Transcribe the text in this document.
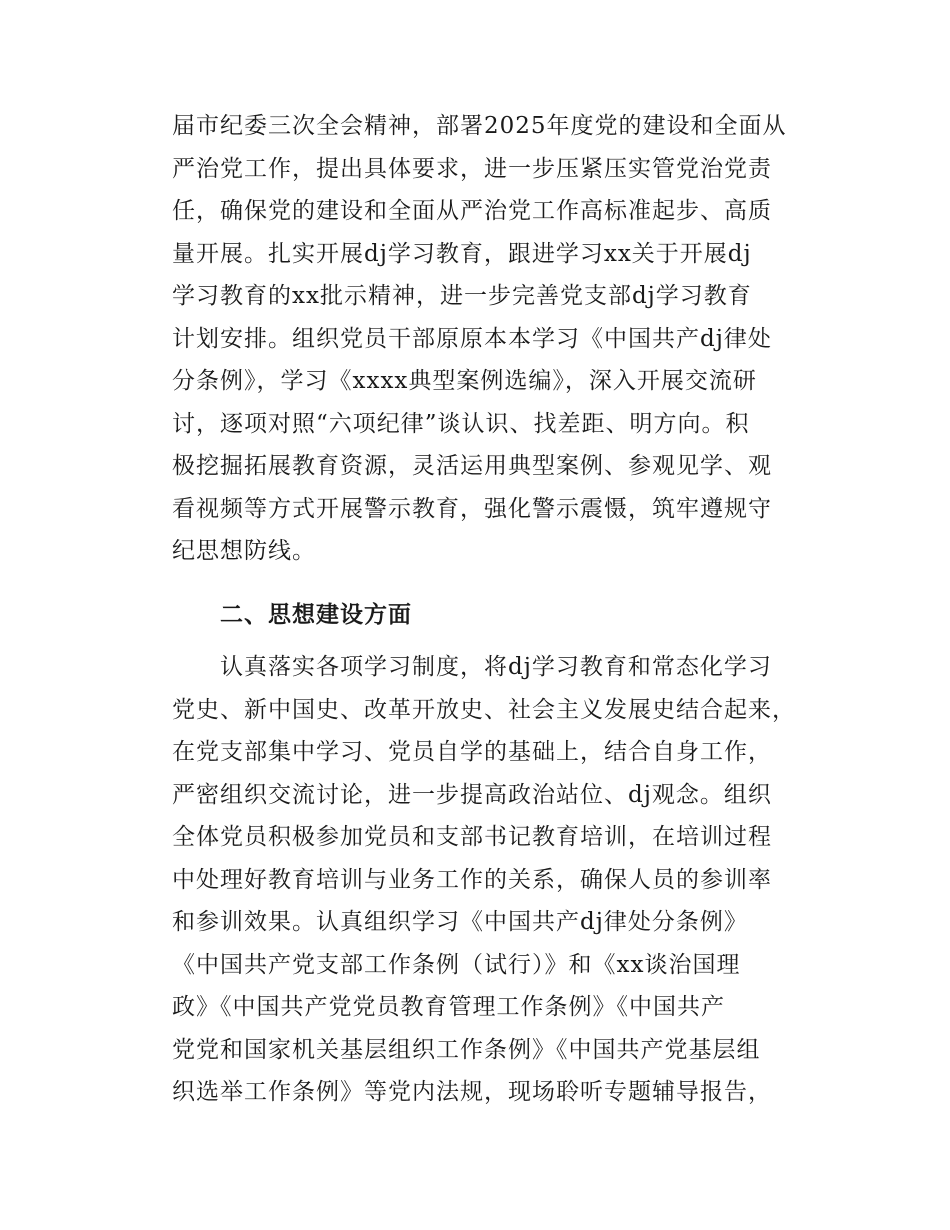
届市纪委三次全会精神，部署2025年度党的建设和全面从
严治党工作，提出具体要求，进一步压紧压实管党治党责
任，确保党的建设和全面从严治党工作高标准起步、高质
量开展。扎实开展dj学习教育，跟进学习xx关于开展dj
学习教育的xx批示精神，进一步完善党支部dj学习教育
计划安排。组织党员干部原原本本学习《中国共产dj律处
分条例》，学习《xxxx典型案例选编》，深入开展交流研
讨，逐项对照“六项纪律”谈认识、找差距、明方向。积
极挖掘拓展教育资源，灵活运用典型案例、参观见学、观
看视频等方式开展警示教育，强化警示震慑，筑牢遵规守
纪思想防线。
二、思想建设方面
　　认真落实各项学习制度，将dj学习教育和常态化学习
党史、新中国史、改革开放史、社会主义发展史结合起来，
在党支部集中学习、党员自学的基础上，结合自身工作，
严密组织交流讨论，进一步提高政治站位、dj观念。组织
全体党员积极参加党员和支部书记教育培训，在培训过程
中处理好教育培训与业务工作的关系，确保人员的参训率
和参训效果。认真组织学习《中国共产dj律处分条例》
《中国共产党支部工作条例（试行）》和《xx谈治国理
政》《中国共产党党员教育管理工作条例》《中国共产
党党和国家机关基层组织工作条例》《中国共产党基层组
织选举工作条例》等党内法规，现场聆听专题辅导报告，
